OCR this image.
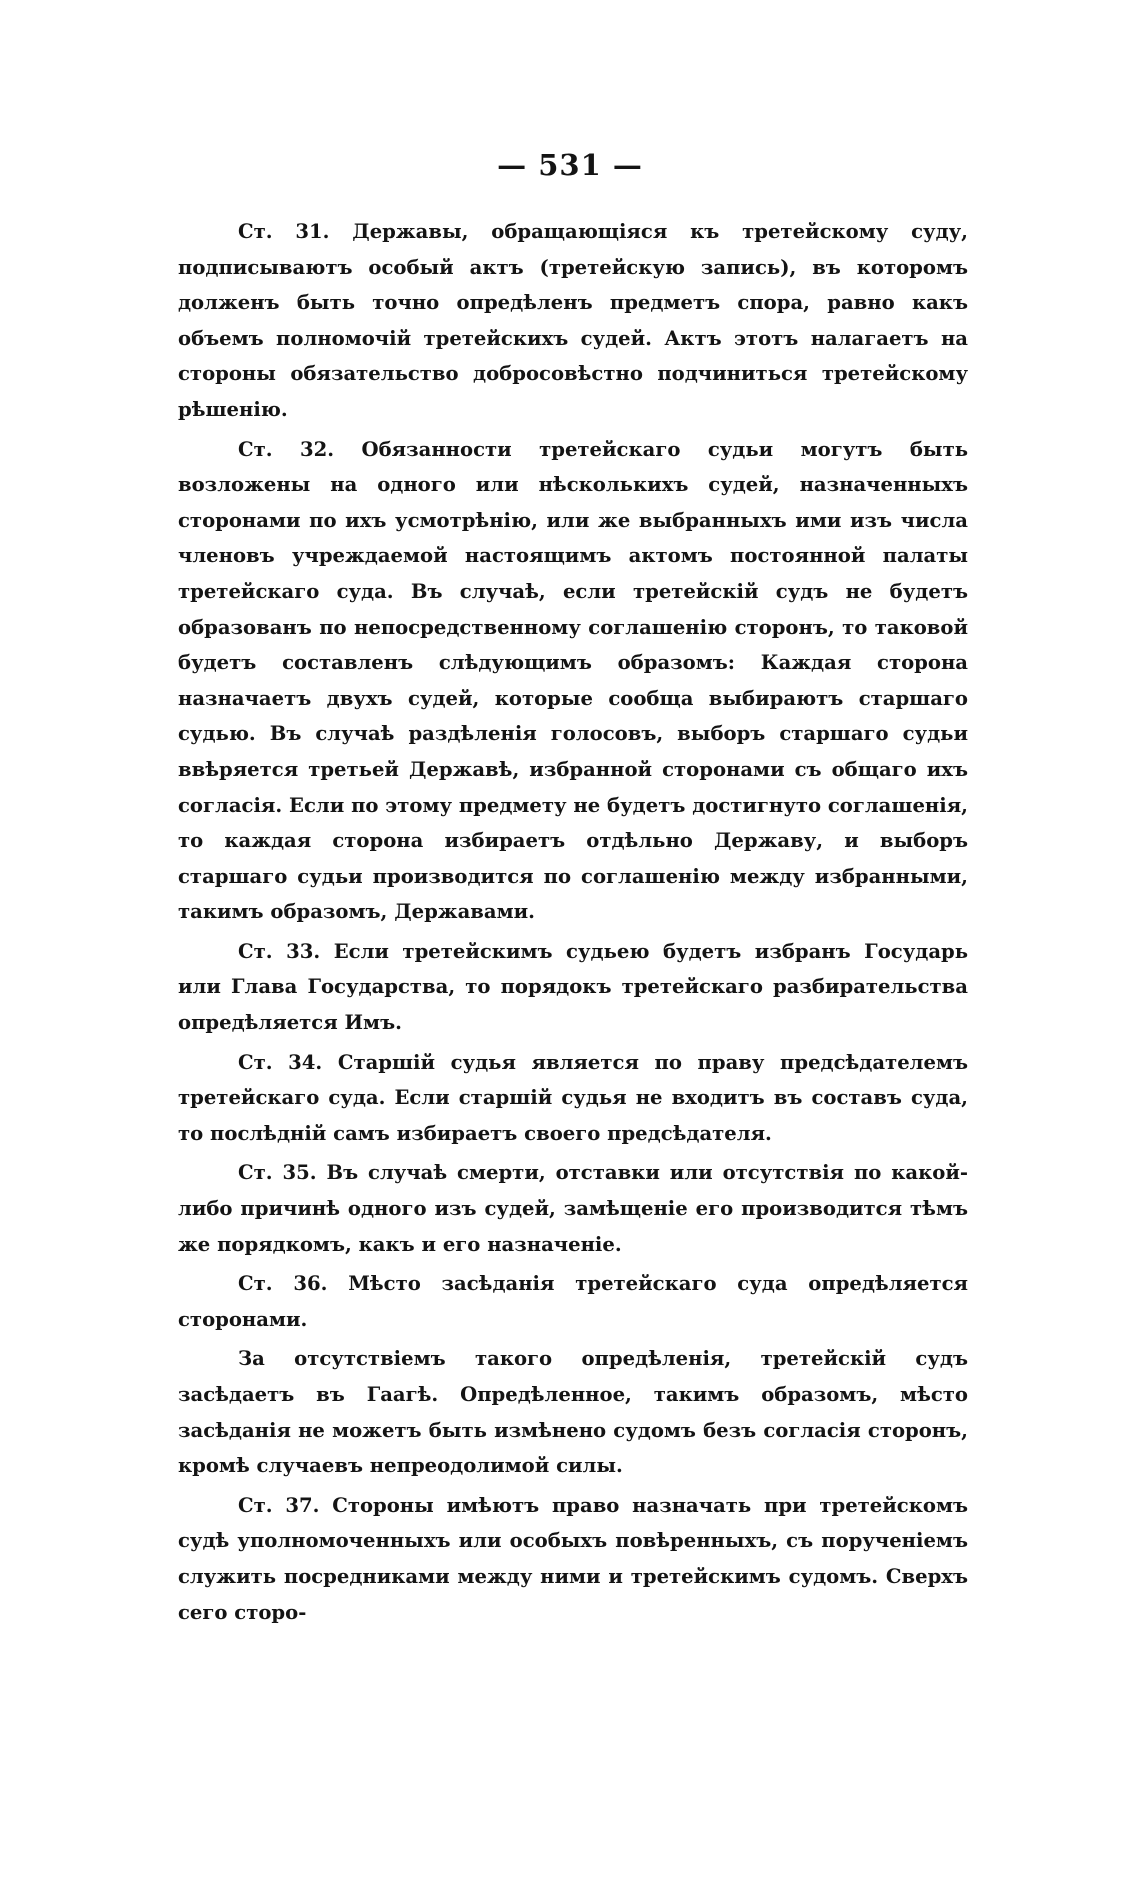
— 531 —

Ст. 31. Державы, обращающіяся къ третейскому суду, подписываютъ особый актъ (третейскую запись), въ которомъ долженъ быть точно опредѣленъ предметъ спора, равно какъ объемъ полномочій третейскихъ судей. Актъ этотъ налагаетъ на стороны обязательство добросовѣстно подчиниться третейскому рѣшенію.

Ст. 32. Обязанности третейскаго судьи могутъ быть возложены на одного или нѣсколькихъ судей, назначенныхъ сторонами по ихъ усмотрѣнію, или же выбранныхъ ими изъ числа членовъ учреждаемой настоящимъ актомъ постоянной палаты третейскаго суда. Въ случаѣ, если третейскій судъ не будетъ образованъ по непосредственному соглашенію сторонъ, то таковой будетъ составленъ слѣдующимъ образомъ: Каждая сторона назначаетъ двухъ судей, которые сообща выбираютъ старшаго судью. Въ случаѣ раздѣленія голосовъ, выборъ старшаго судьи ввѣряется третьей Державѣ, избранной сторонами съ общаго ихъ согласія. Если по этому предмету не будетъ достигнуто соглашенія, то каждая сторона избираетъ отдѣльно Державу, и выборъ старшаго судьи производится по соглашенію между избранными, такимъ образомъ, Державами.

Ст. 33. Если третейскимъ судьею будетъ избранъ Государь или Глава Государства, то порядокъ третейскаго разбирательства опредѣляется Имъ.

Ст. 34. Старшій судья является по праву предсѣдателемъ третейскаго суда. Если старшій судья не входитъ въ составъ суда, то послѣдній самъ избираетъ своего предсѣдателя.

Ст. 35. Въ случаѣ смерти, отставки или отсутствія по какой-либо причинѣ одного изъ судей, замѣщеніе его производится тѣмъ же порядкомъ, какъ и его назначеніе.

Ст. 36. Мѣсто засѣданія третейскаго суда опредѣляется сторонами.

За отсутствіемъ такого опредѣленія, третейскій судъ засѣдаетъ въ Гаагѣ. Опредѣленное, такимъ образомъ, мѣсто засѣданія не можетъ быть измѣнено судомъ безъ согласія сторонъ, кромѣ случаевъ непреодолимой силы.

Ст. 37. Стороны имѣютъ право назначать при третейскомъ судѣ уполномоченныхъ или особыхъ повѣренныхъ, съ порученіемъ служить посредниками между ними и третейскимъ судомъ. Сверхъ сего сторо-
